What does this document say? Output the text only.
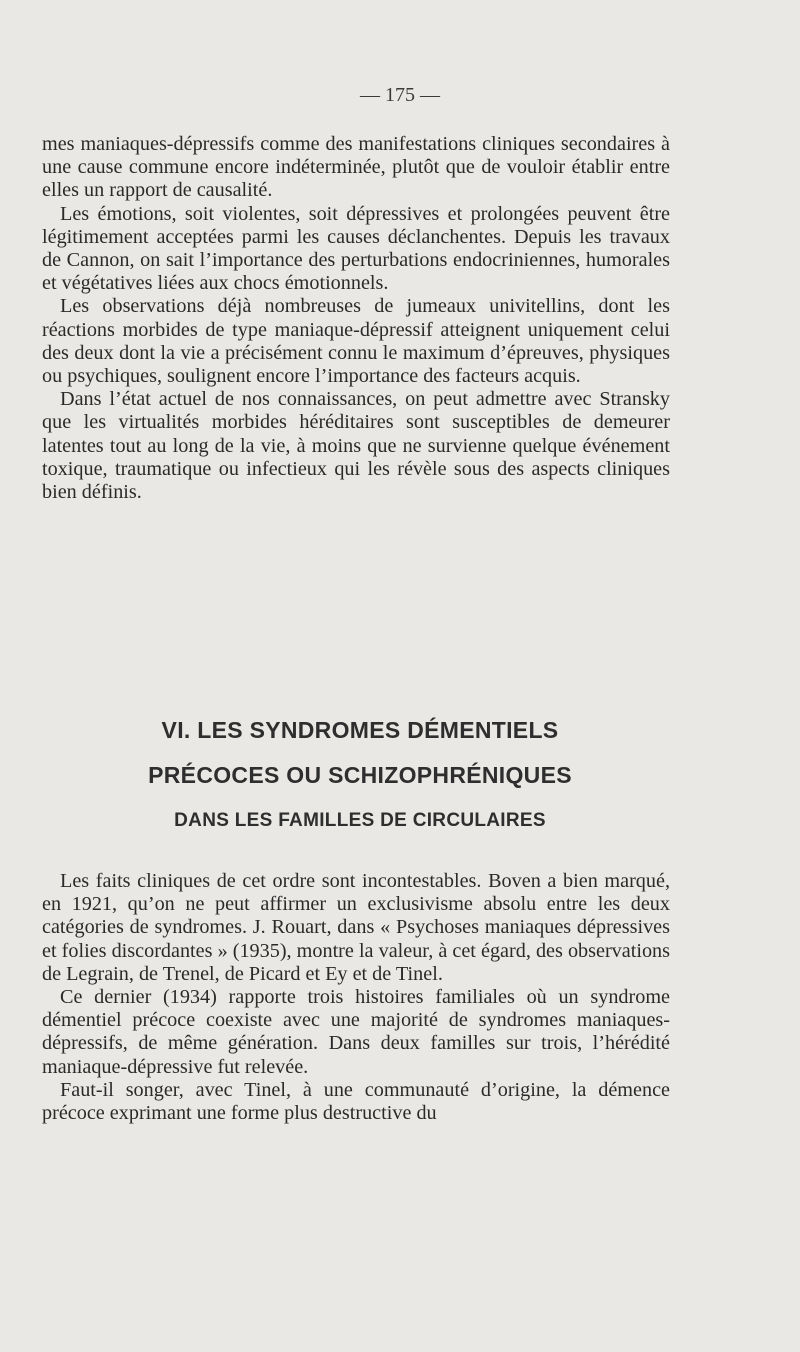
— 175 —

mes maniaques-dépressifs comme des manifestations cliniques secondaires à une cause commune encore indéterminée, plutôt que de vouloir établir entre elles un rapport de causalité.

Les émotions, soit violentes, soit dépressives et prolongées peuvent être légitimement acceptées parmi les causes déclanchentes. Depuis les travaux de Cannon, on sait l’importance des perturbations endocriniennes, humorales et végétatives liées aux chocs émotionnels.

Les observations déjà nombreuses de jumeaux univitellins, dont les réactions morbides de type maniaque-dépressif atteignent uniquement celui des deux dont la vie a précisément connu le maximum d’épreuves, physiques ou psychiques, soulignent encore l’importance des facteurs acquis.

Dans l’état actuel de nos connaissances, on peut admettre avec Stransky que les virtualités morbides héréditaires sont susceptibles de demeurer latentes tout au long de la vie, à moins que ne survienne quelque événement toxique, traumatique ou infectieux qui les révèle sous des aspects cliniques bien définis.

VI. LES SYNDROMES DÉMENTIELS
PRÉCOCES OU SCHIZOPHRÉNIQUES
DANS LES FAMILLES DE CIRCULAIRES

Les faits cliniques de cet ordre sont incontestables. Boven a bien marqué, en 1921, qu’on ne peut affirmer un exclusivisme absolu entre les deux catégories de syndromes. J. Rouart, dans « Psychoses maniaques dépressives et folies discordantes » (1935), montre la valeur, à cet égard, des observations de Legrain, de Trenel, de Picard et Ey et de Tinel.

Ce dernier (1934) rapporte trois histoires familiales où un syndrome démentiel précoce coexiste avec une majorité de syndromes maniaques-dépressifs, de même génération. Dans deux familles sur trois, l’hérédité maniaque-dépressive fut relevée.

Faut-il songer, avec Tinel, à une communauté d’origine, la démence précoce exprimant une forme plus destructive du
